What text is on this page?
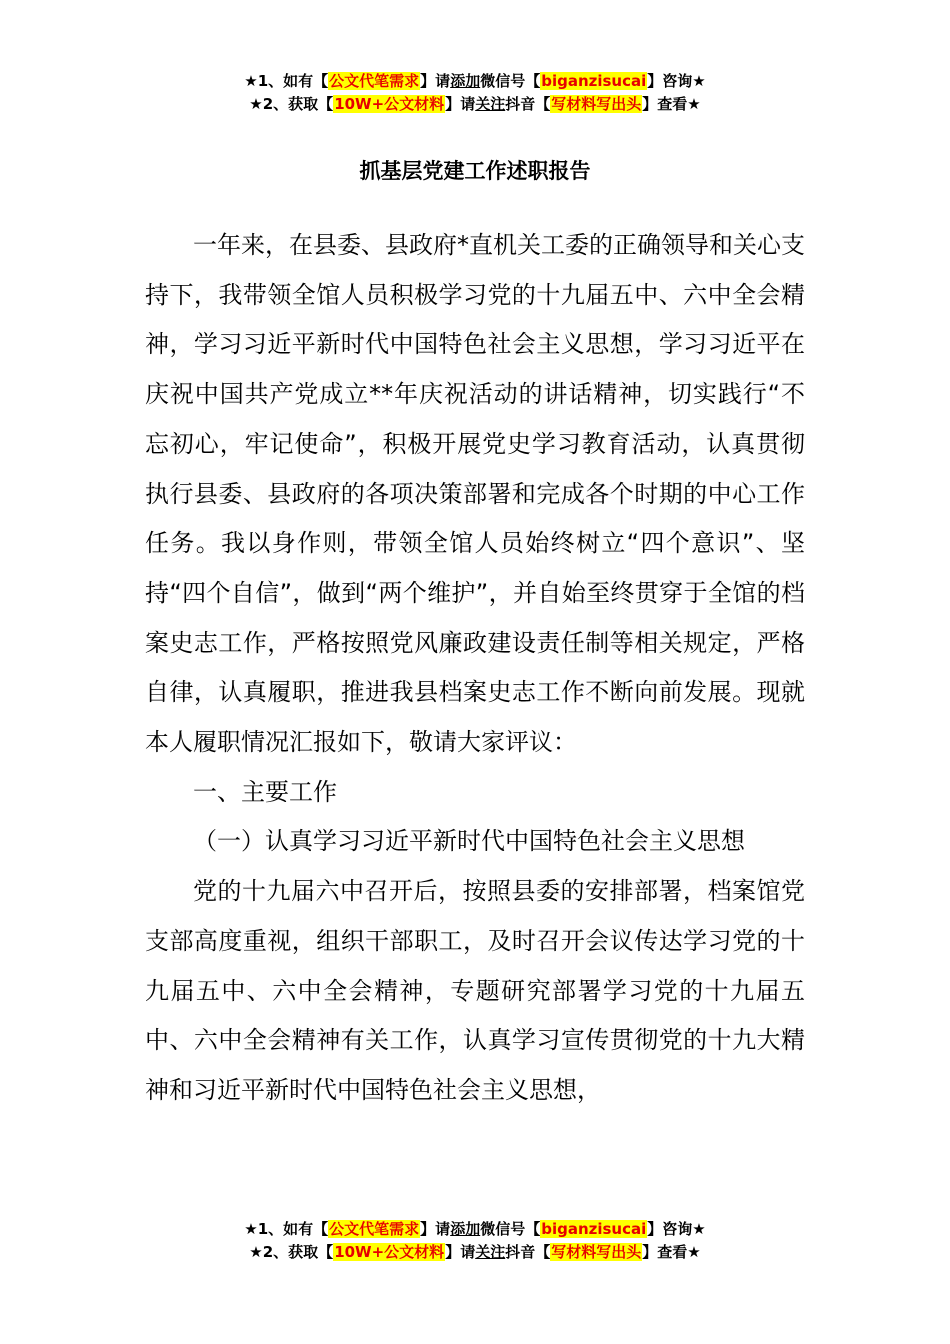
★1、如有【公文代笔需求】请添加微信号【biganzisucai】咨询★
★2、获取【10W+公文材料】请关注抖音【写材料写出头】查看★
抓基层党建工作述职报告

一年来，在县委、县政府*直机关工委的正确领导和关心支持下，我带领全馆人员积极学习党的十九届五中、六中全会精神，学习习近平新时代中国特色社会主义思想，学习习近平在庆祝中国共产党成立**年庆祝活动的讲话精神，切实践行“不忘初心，牢记使命”，积极开展党史学习教育活动，认真贯彻执行县委、县政府的各项决策部署和完成各个时期的中心工作任务。我以身作则，带领全馆人员始终树立“四个意识”、坚持“四个自信”，做到“两个维护”，并自始至终贯穿于全馆的档案史志工作，严格按照党风廉政建设责任制等相关规定，严格自律，认真履职，推进我县档案史志工作不断向前发展。现就本人履职情况汇报如下，敬请大家评议：

一、主要工作

（一）认真学习习近平新时代中国特色社会主义思想

党的十九届六中召开后，按照县委的安排部署，档案馆党支部高度重视，组织干部职工，及时召开会议传达学习党的十九届五中、六中全会精神，专题研究部署学习党的十九届五中、六中全会精神有关工作，认真学习宣传贯彻党的十九大精神和习近平新时代中国特色社会主义思想，

★1、如有【公文代笔需求】请添加微信号【biganzisucai】咨询★
★2、获取【10W+公文材料】请关注抖音【写材料写出头】查看★
